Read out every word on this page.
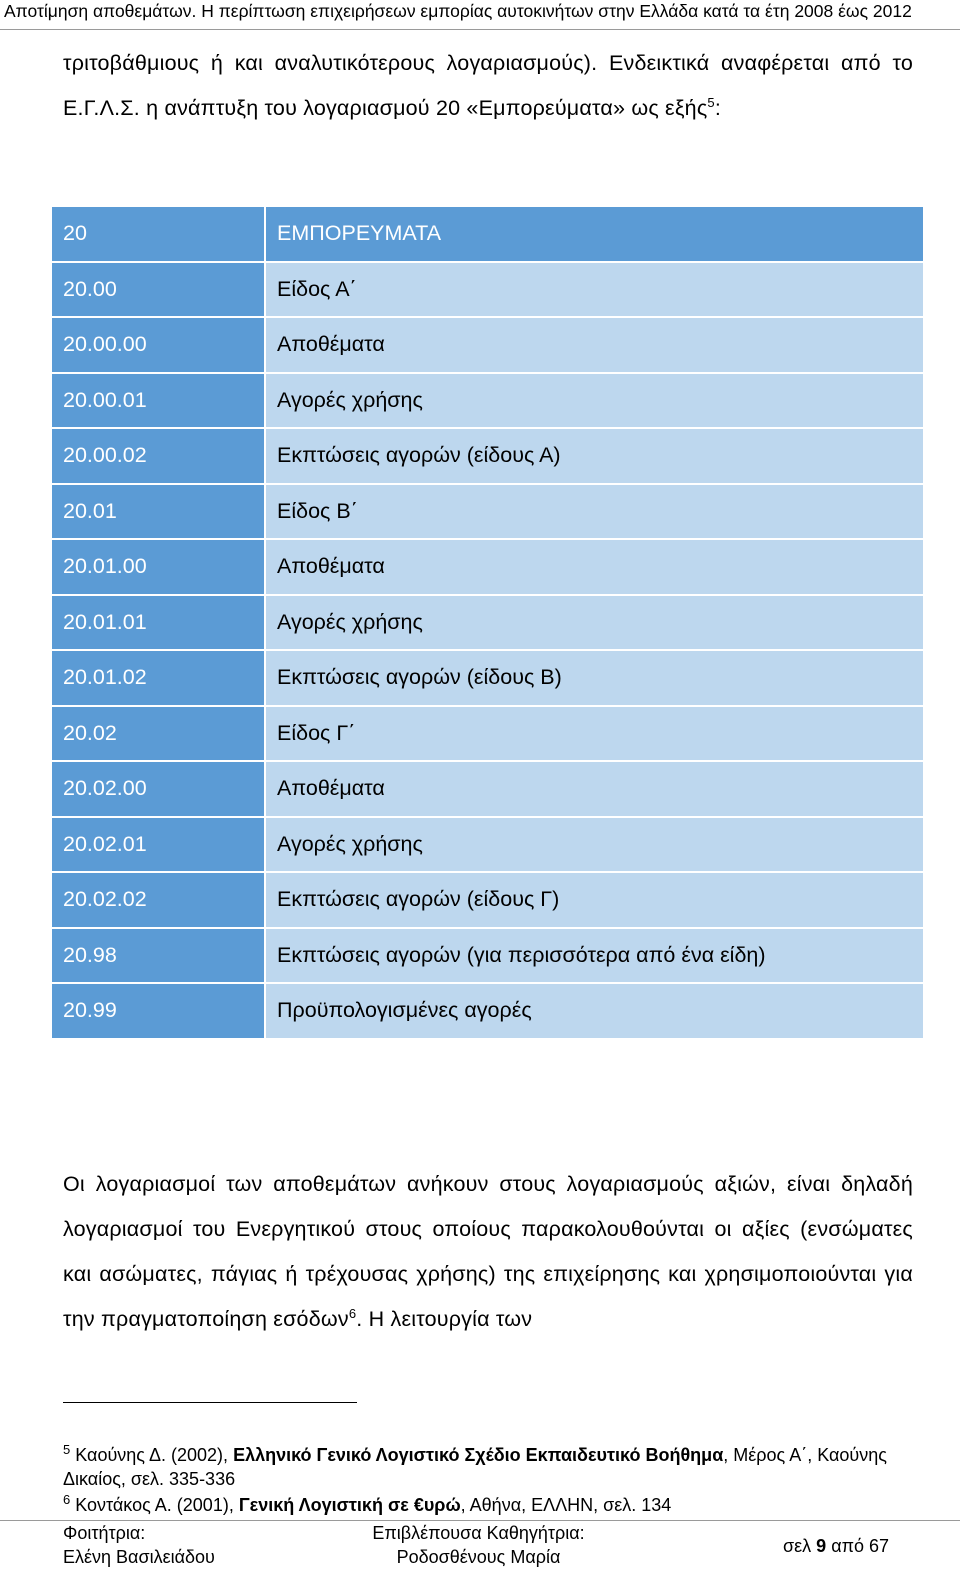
Αποτίμηση αποθεμάτων. Η περίπτωση επιχειρήσεων εμπορίας αυτοκινήτων στην Ελλάδα κατά τα έτη 2008 έως 2012
τριτοβάθμιους ή και αναλυτικότερους λογαριασμούς). Ενδεικτικά αναφέρεται από το Ε.Γ.Λ.Σ. η ανάπτυξη του λογαριασμού 20 «Εμπορεύματα» ως εξής$^5$:
20	ΕΜΠΟΡΕΥΜΑΤΑ
20.00	Είδος Α΄
20.00.00	Αποθέματα
20.00.01	Αγορές χρήσης
20.00.02	Εκπτώσεις αγορών (είδους Α)
20.01	Είδος Β΄
20.01.00	Αποθέματα
20.01.01	Αγορές χρήσης
20.01.02	Εκπτώσεις αγορών (είδους Β)
20.02	Είδος Γ΄
20.02.00	Αποθέματα
20.02.01	Αγορές χρήσης
20.02.02	Εκπτώσεις αγορών (είδους Γ)
20.98	Εκπτώσεις αγορών (για περισσότερα από ένα είδη)
20.99	Προϋπολογισμένες αγορές
Οι λογαριασμοί των αποθεμάτων ανήκουν στους λογαριασμούς αξιών, είναι δηλαδή λογαριασμοί του Ενεργητικού στους οποίους παρακολουθούνται οι αξίες (ενσώματες και ασώματες, πάγιας ή τρέχουσας χρήσης) της επιχείρησης και χρησιμοποιούνται για την πραγματοποίηση εσόδων$^6$. Η λειτουργία των
$^5$ Καούνης Δ. (2002), Ελληνικό Γενικό Λογιστικό Σχέδιο Εκπαιδευτικό Βοήθημα, Μέρος Α΄, Καούνης Δικαίος, σελ. 335-336
$^6$ Κοντάκος Α. (2001), Γενική Λογιστική σε €υρώ, Αθήνα, ΕΛΛΗΝ, σελ. 134
Φοιτήτρια:
Ελένη Βασιλειάδου
Επιβλέπουσα Καθηγήτρια:
Ροδοσθένους Μαρία
σελ 9 από 67
